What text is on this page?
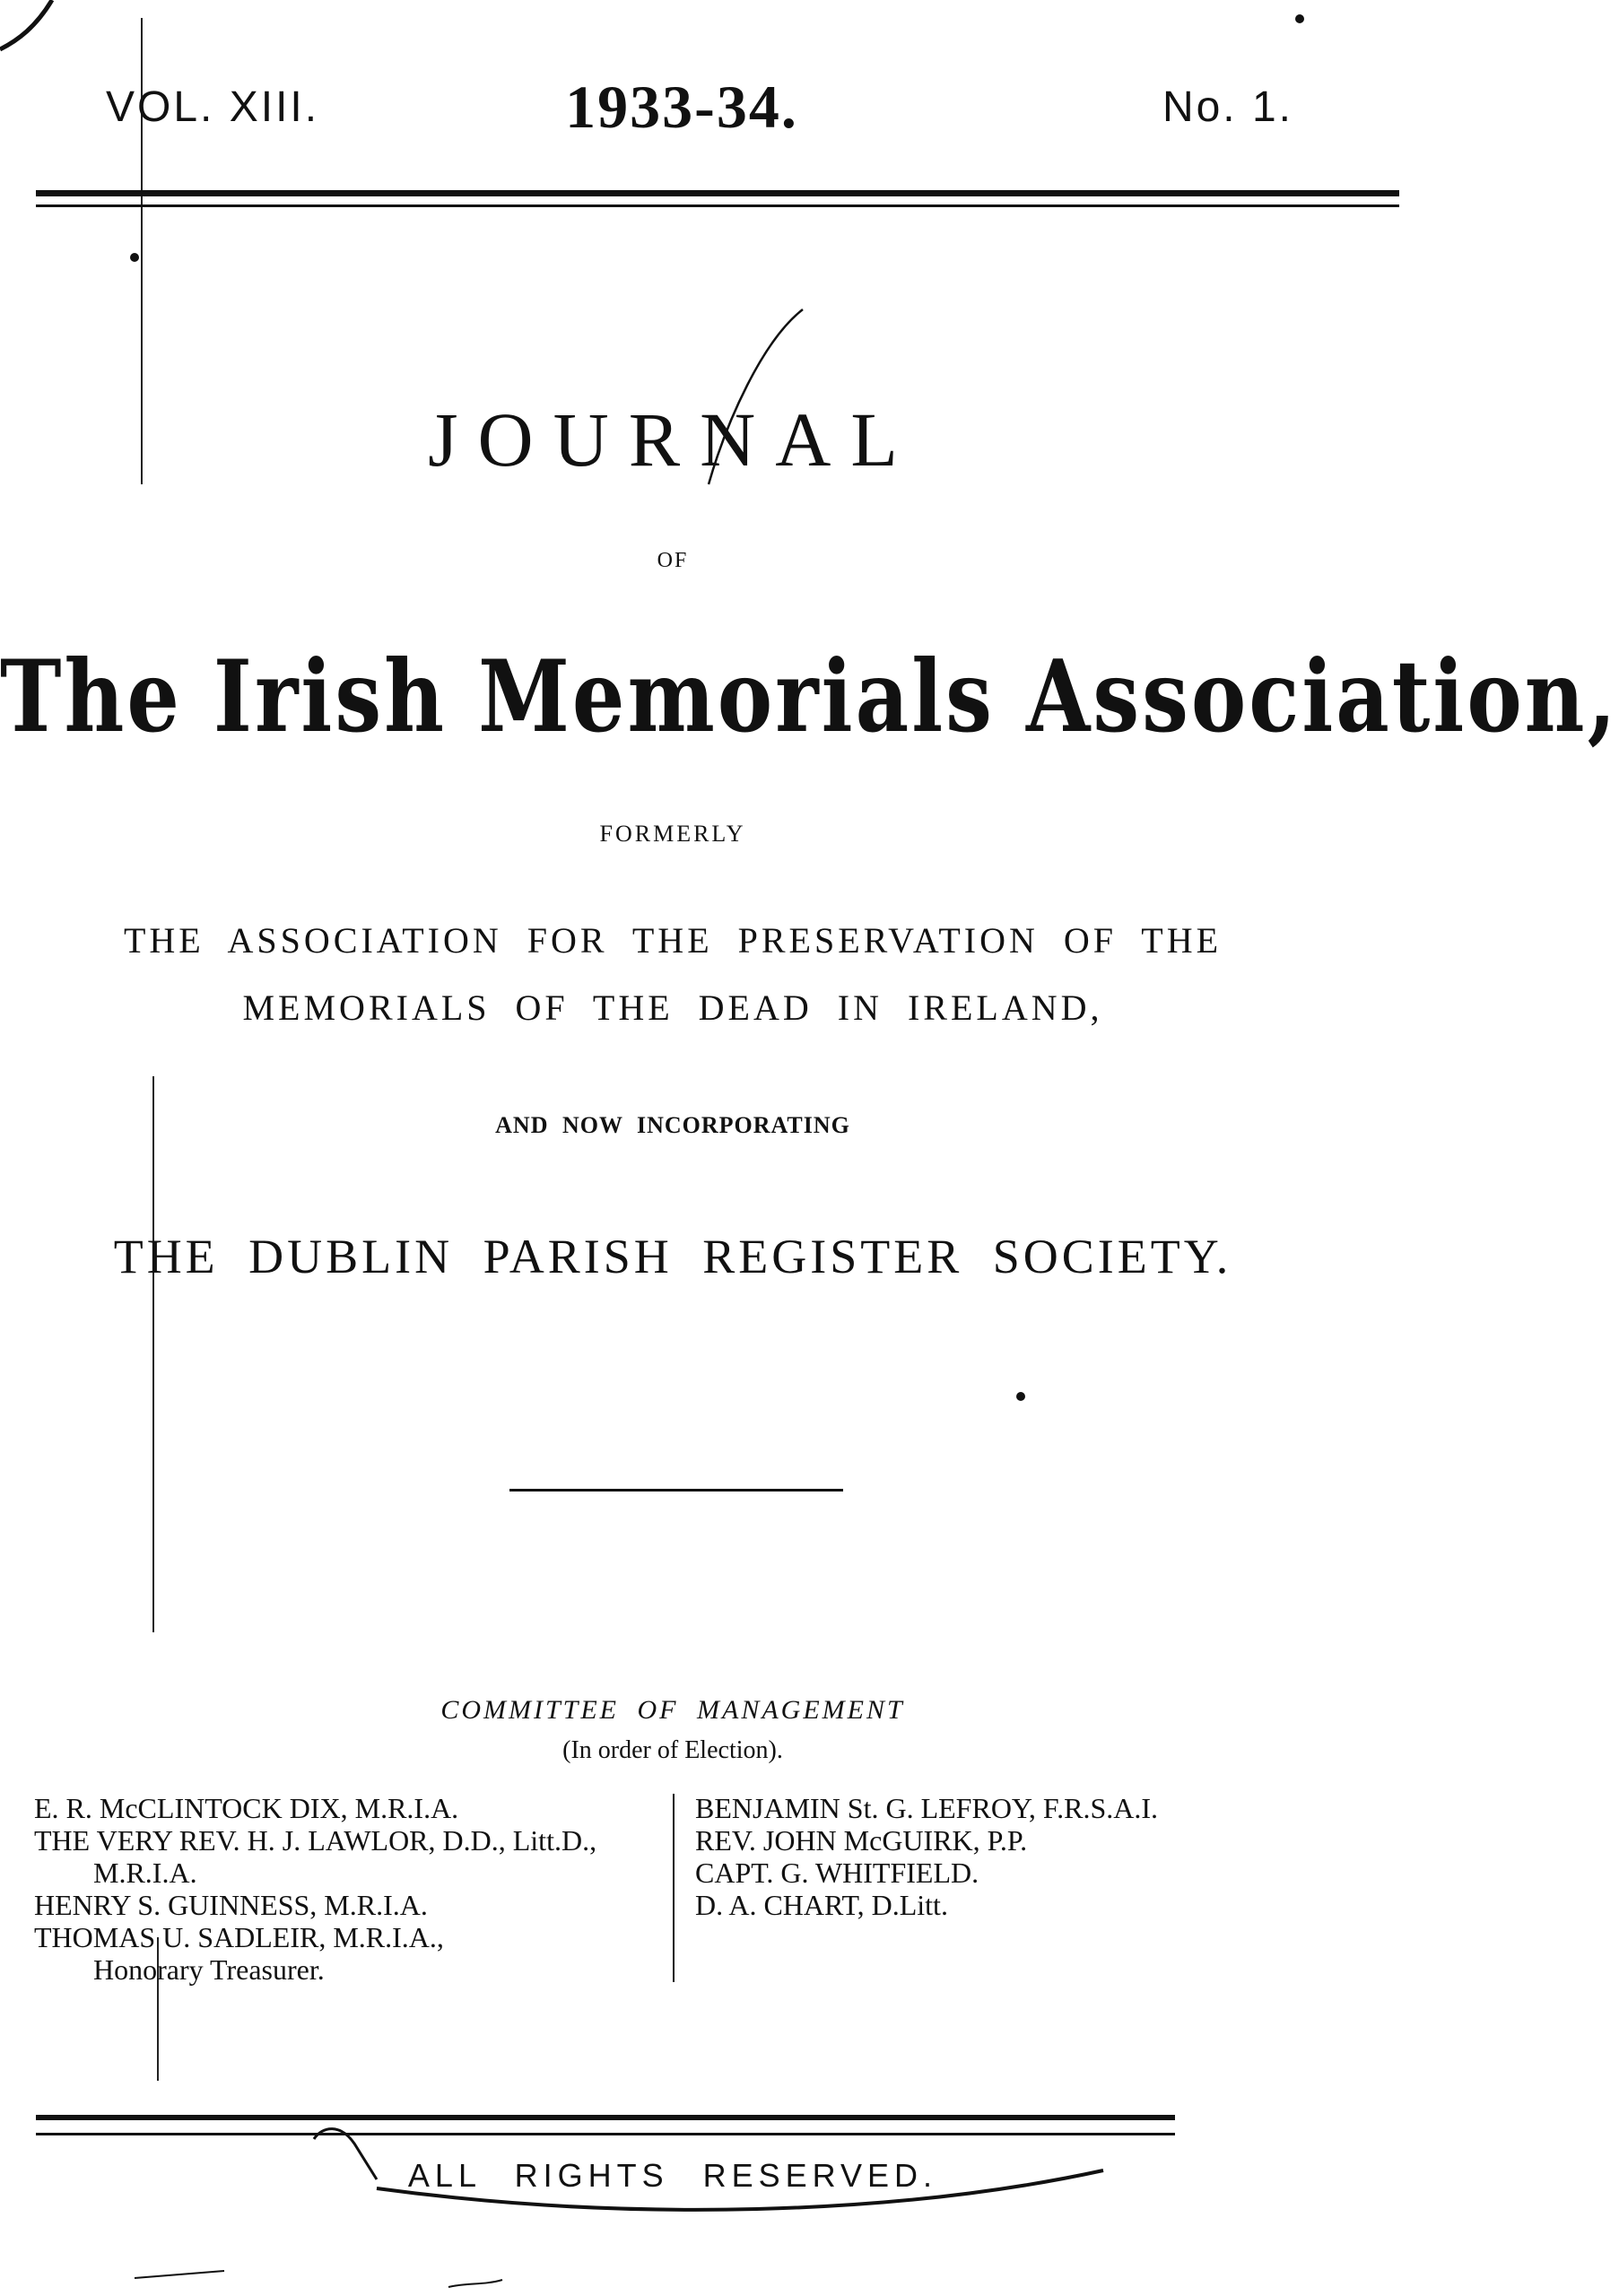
VOL. XIII.	1933-34.	No. 1.
JOURNAL
OF
The Irish Memorials Association,
FORMERLY
THE ASSOCIATION FOR THE PRESERVATION OF THE
MEMORIALS OF THE DEAD IN IRELAND,
AND NOW INCORPORATING
THE DUBLIN PARISH REGISTER SOCIETY.
COMMITTEE OF MANAGEMENT
(In order of Election).
E. R. McCLINTOCK DIX, M.R.I.A.
THE VERY REV. H. J. LAWLOR, D.D., Litt.D.,
M.R.I.A.
HENRY S. GUINNESS, M.R.I.A.
THOMAS U. SADLEIR, M.R.I.A.,
Honorary Treasurer.
BENJAMIN St. G. LEFROY, F.R.S.A.I.
REV. JOHN McGUIRK, P.P.
CAPT. G. WHITFIELD.
D. A. CHART, D.Litt.
ALL RIGHTS RESERVED.
